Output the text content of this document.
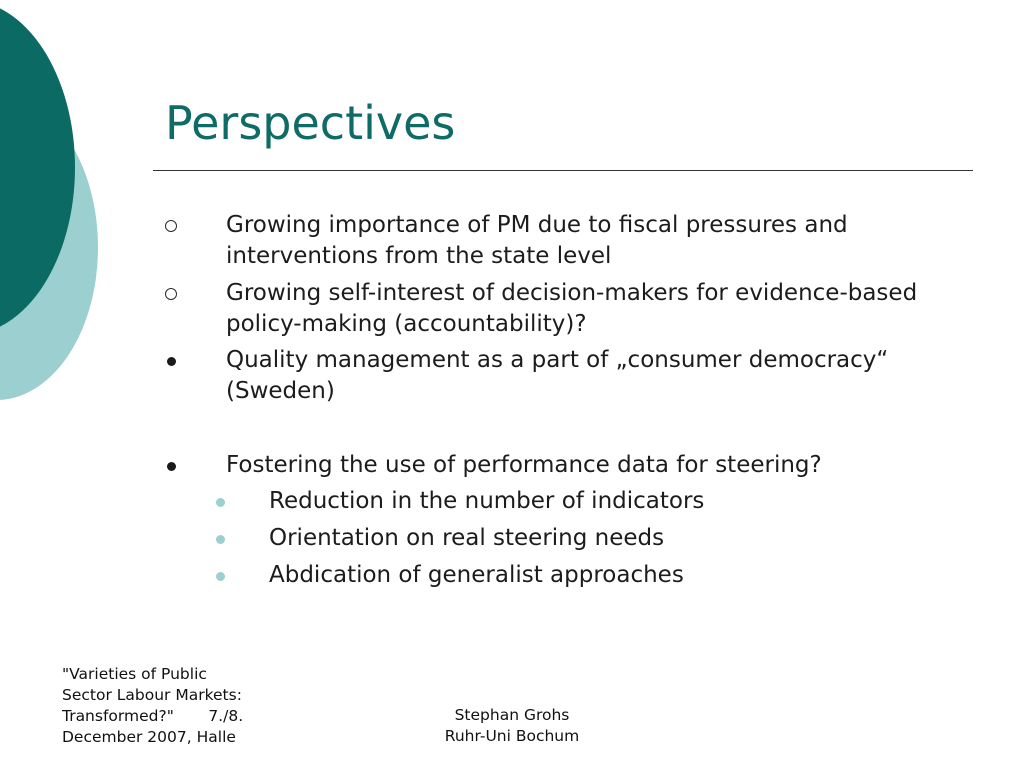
Perspectives
Growing importance of PM due to fiscal pressures and interventions from the state level
Growing self-interest of decision-makers for evidence-based policy-making (accountability)?
Quality management as a part of „consumer democracy“ (Sweden)
Fostering the use of performance data for steering?
Reduction in the number of indicators
Orientation on real steering needs
Abdication of generalist approaches
"Varieties of Public
Sector Labour Markets:
Transformed?"       7./8.
December 2007, Halle
Stephan Grohs
Ruhr-Uni Bochum
